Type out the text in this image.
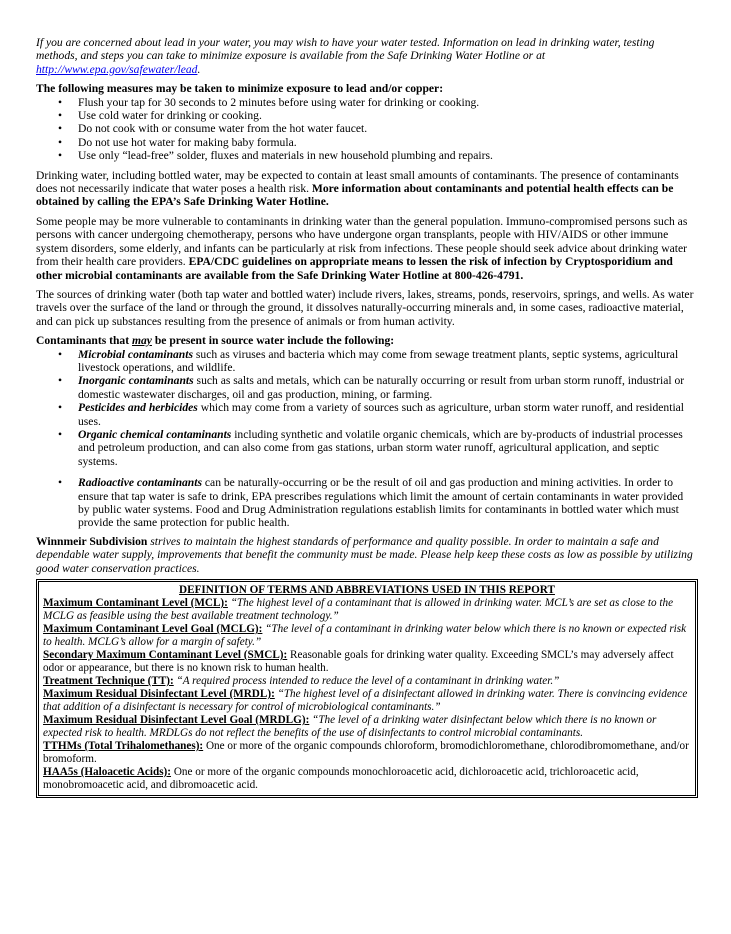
If you are concerned about lead in your water, you may wish to have your water tested. Information on lead in drinking water, testing methods, and steps you can take to minimize exposure is available from the Safe Drinking Water Hotline or at http://www.epa.gov/safewater/lead.

The following measures may be taken to minimize exposure to lead and/or copper:

• Flush your tap for 30 seconds to 2 minutes before using water for drinking or cooking.
• Use cold water for drinking or cooking.
• Do not cook with or consume water from the hot water faucet.
• Do not use hot water for making baby formula.
• Use only “lead-free” solder, fluxes and materials in new household plumbing and repairs.

Drinking water, including bottled water, may be expected to contain at least small amounts of contaminants. The presence of contaminants does not necessarily indicate that water poses a health risk. More information about contaminants and potential health effects can be obtained by calling the EPA’s Safe Drinking Water Hotline.

Some people may be more vulnerable to contaminants in drinking water than the general population. Immuno-compromised persons such as persons with cancer undergoing chemotherapy, persons who have undergone organ transplants, people with HIV/AIDS or other immune system disorders, some elderly, and infants can be particularly at risk from infections. These people should seek advice about drinking water from their health care providers. EPA/CDC guidelines on appropriate means to lessen the risk of infection by Cryptosporidium and other microbial contaminants are available from the Safe Drinking Water Hotline at 800-426-4791.

The sources of drinking water (both tap water and bottled water) include rivers, lakes, streams, ponds, reservoirs, springs, and wells. As water travels over the surface of the land or through the ground, it dissolves naturally-occurring minerals and, in some cases, radioactive material, and can pick up substances resulting from the presence of animals or from human activity.

Contaminants that may be present in source water include the following:

• Microbial contaminants such as viruses and bacteria which may come from sewage treatment plants, septic systems, agricultural livestock operations, and wildlife.
• Inorganic contaminants such as salts and metals, which can be naturally occurring or result from urban storm runoff, industrial or domestic wastewater discharges, oil and gas production, mining, or farming.
• Pesticides and herbicides which may come from a variety of sources such as agriculture, urban storm water runoff, and residential uses.
• Organic chemical contaminants including synthetic and volatile organic chemicals, which are by-products of industrial processes and petroleum production, and can also come from gas stations, urban storm water runoff, agricultural application, and septic systems.
• Radioactive contaminants can be naturally-occurring or be the result of oil and gas production and mining activities. In order to ensure that tap water is safe to drink, EPA prescribes regulations which limit the amount of certain contaminants in water provided by public water systems. Food and Drug Administration regulations establish limits for contaminants in bottled water which must provide the same protection for public health.

Winnmeir Subdivision strives to maintain the highest standards of performance and quality possible. In order to maintain a safe and dependable water supply, improvements that benefit the community must be made. Please help keep these costs as low as possible by utilizing good water conservation practices.

DEFINITION OF TERMS AND ABBREVIATIONS USED IN THIS REPORT

Maximum Contaminant Level (MCL): “The highest level of a contaminant that is allowed in drinking water. MCL’s are set as close to the MCLG as feasible using the best available treatment technology.”

Maximum Contaminant Level Goal (MCLG): “The level of a contaminant in drinking water below which there is no known or expected risk to health. MCLG’s allow for a margin of safety.”

Secondary Maximum Contaminant Level (SMCL): Reasonable goals for drinking water quality. Exceeding SMCL’s may adversely affect odor or appearance, but there is no known risk to human health.

Treatment Technique (TT): “A required process intended to reduce the level of a contaminant in drinking water.”

Maximum Residual Disinfectant Level (MRDL): “The highest level of a disinfectant allowed in drinking water. There is convincing evidence that addition of a disinfectant is necessary for control of microbiological contaminants.”

Maximum Residual Disinfectant Level Goal (MRDLG): “The level of a drinking water disinfectant below which there is no known or expected risk to health. MRDLGs do not reflect the benefits of the use of disinfectants to control microbial contaminants.

TTHMs (Total Trihalomethanes): One or more of the organic compounds chloroform, bromodichloromethane, chlorodibromomethane, and/or bromoform.

HAA5s (Haloacetic Acids): One or more of the organic compounds monochloroacetic acid, dichloroacetic acid, trichloroacetic acid, monobromoacetic acid, and dibromoacetic acid.
